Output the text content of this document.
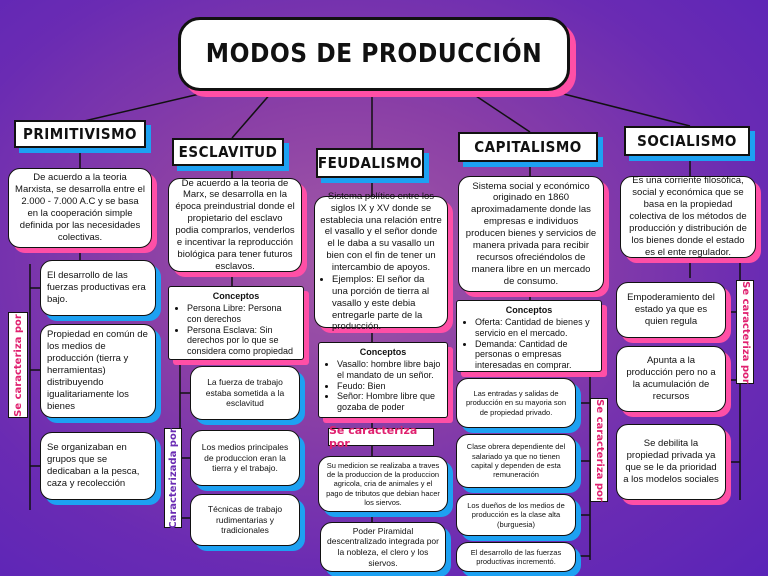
MODOS DE PRODUCCIÓN
PRIMITIVISMO
ESCLAVITUD
FEUDALISMO
CAPITALISMO	SOCIALISMO
De acuerdo a la teoria Marxista, se desarrolla entre el 2.000 - 7.000 A.C y se basa en la cooperación simple definida por las necesidades colectivas.
Se caracteriza por
El desarrollo de las fuerzas productivas era bajo.
Propiedad en común de los medios de producción (tierra y herramientas) distribuyendo igualitariamente los bienes
Se organizaban en grupos que se dedicaban a la pesca, caza y recolección
De acuerdo a la teoria de Marx, se desarrolla en la época preindustrial donde el propietario del esclavo podia comprarlos, venderlos e incentivar la reproducción biológica para tener futuros esclavos.
Conceptos
• Persona Libre: Persona con derechos
• Persona Esclava: Sin derechos por lo que se considera como propiedad
Caracterizada por
La fuerza de trabajo estaba sometida a la esclavitud
Los medios principales de produccion eran la tierra y el trabajo.
Técnicas de trabajo rudimentarias y tradicionales
Sistema político entre los siglos IX y XV donde se establecia una relación entre el vasallo y el señor donde el le daba a su vasallo un bien con el fin de tener un intercambio de apoyos.
• Ejemplos: El señor da una porción de tierra al vasallo y este debia entregarle parte de la producción.
Conceptos
• Vasallo: hombre libre bajo el mandato de un señor.
• Feudo: Bien
• Señor: Hombre libre que gozaba de poder
Se caracteriza por
Su medicion se realizaba a traves de la produccion de la produccion agricola, cria de animales y el pago de tributos que debian hacer los siervos.
Poder Piramidal descentralizado integrada por la nobleza, el clero y los siervos.
Sistema social y económico originado en 1860 aproximadamente donde las empresas e individuos producen bienes y servicios de manera privada para recibir recursos ofreciéndolos de manera libre en un mercado de consumo.
Conceptos
• Oferta: Cantidad de bienes y servicio en el mercado.
• Demanda: Cantidad de personas o empresas interesadas en comprar.
Se caracteriza por
Las entradas y salidas de producción en su mayoria son de propiedad privado.
Clase obrera dependiente del salariado ya que no tienen capital y dependen de esta remuneración
Los dueños de los medios de producción es la clase alta (burguesia)
El desarrollo de las fuerzas productivas incrementó.
Es una corriente filosófica, social y económica que se basa en la propiedad colectiva de los métodos de producción y distribución de los bienes donde el estado es el ente regulador.
Se caracteriza por
Empoderamiento del estado ya que es quien regula
Apunta a la producción pero no a la acumulación de recursos
Se debilita la propiedad privada ya que se le da prioridad a los modelos sociales
